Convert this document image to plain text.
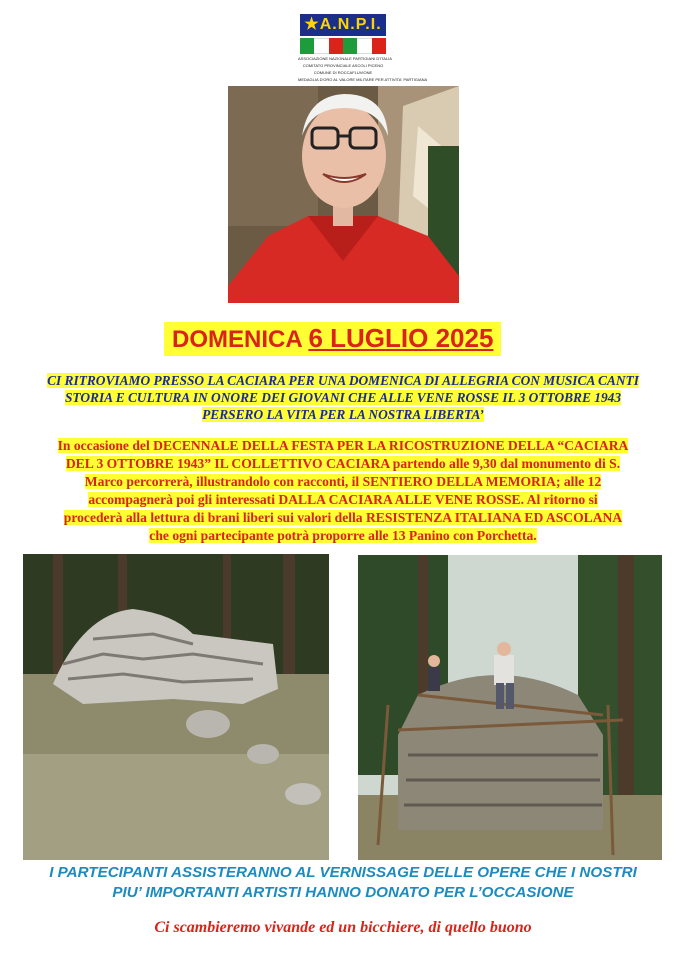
★A.N.P.I.
ASSOCIAZIONE NAZIONALE PARTIGIANI D'ITALIA
COMITATO PROVINCIALE ASCOLI PICENO
COMUNE DI ROCCAFLUVIONE
MEDAGLIA D'ORO AL VALORE MILITARE PER ATTIVITA' PARTIGIANA
DOMENICA 6 LUGLIO 2025
CI RITROVIAMO PRESSO LA CACIARA PER UNA DOMENICA DI ALLEGRIA CON MUSICA CANTI
STORIA E CULTURA IN ONORE DEI GIOVANI CHE ALLE VENE ROSSE IL 3 OTTOBRE 1943
PERSERO LA VITA PER LA NOSTRA LIBERTA’
In occasione del DECENNALE DELLA FESTA PER LA RICOSTRUZIONE DELLA “CACIARA
DEL 3 OTTOBRE 1943” IL COLLETTIVO CACIARA partendo alle 9,30 dal monumento di S.
Marco percorrerà, illustrandolo con racconti, il SENTIERO DELLA MEMORIA; alle 12
accompagnerà poi gli interessati DALLA CACIARA ALLE VENE ROSSE. Al ritorno si
procederà alla lettura di brani liberi sui valori della RESISTENZA ITALIANA ED ASCOLANA
che ogni partecipante potrà proporre alle 13 Panino con Porchetta.
I PARTECIPANTI ASSISTERANNO AL VERNISSAGE DELLE OPERE CHE I NOSTRI
PIU’ IMPORTANTI ARTISTI HANNO DONATO PER L’OCCASIONE
Ci scambieremo vivande ed un bicchiere, di quello buono
